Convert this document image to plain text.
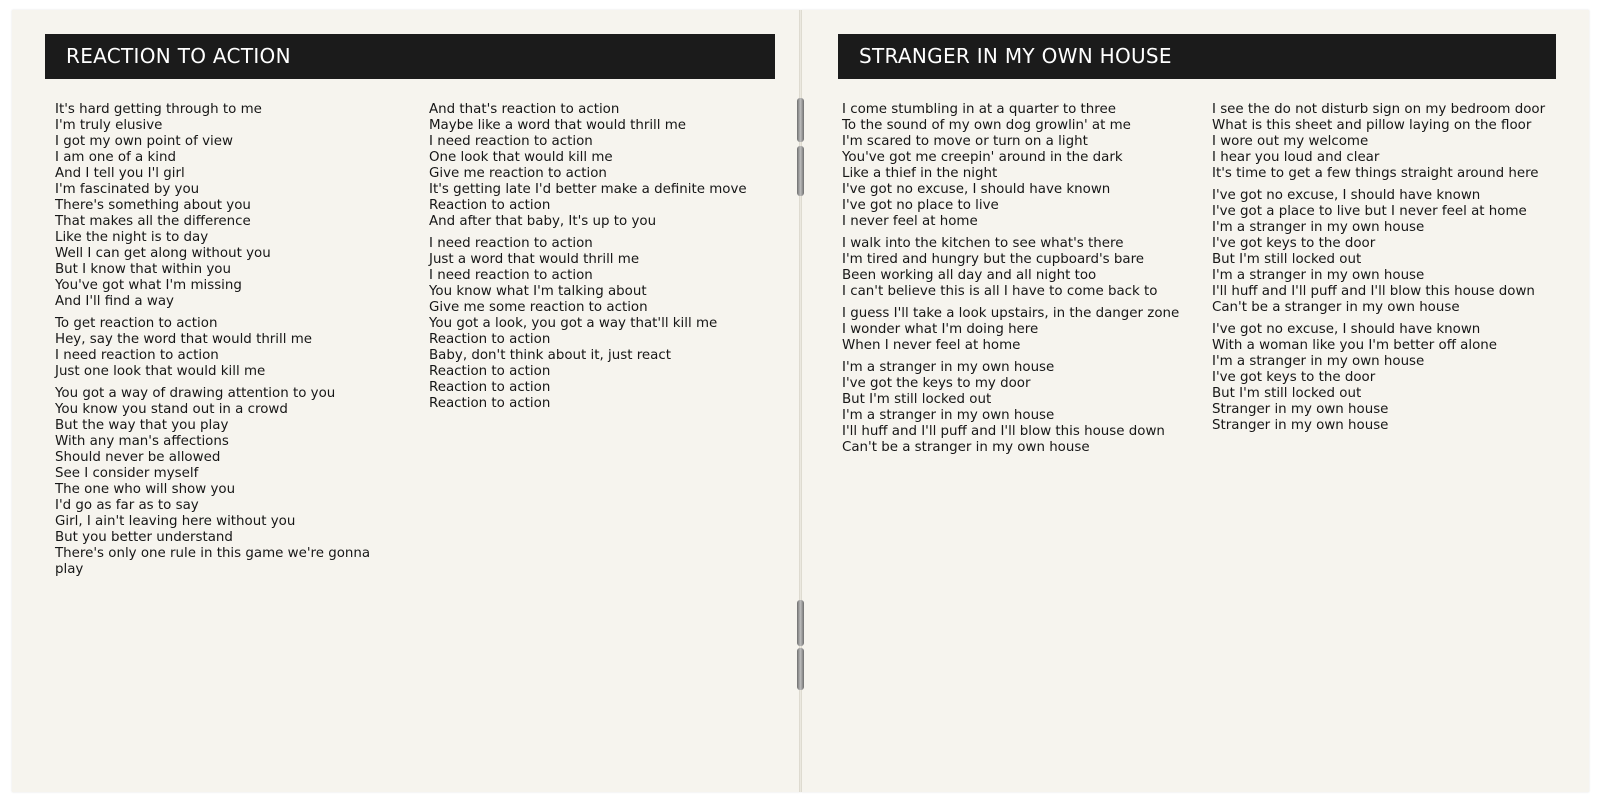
REACTION TO ACTION
It's hard getting through to me
I'm truly elusive
I got my own point of view
I am one of a kind
And I tell you I'l girl
I'm fascinated by you
There's something about you
That makes all the difference
Like the night is to day
Well I can get along without you
But I know that within you
You've got what I'm missing
And I'll find a way
To get reaction to action
Hey, say the word that would thrill me
I need reaction to action
Just one look that would kill me
You got a way of drawing attention to you
You know you stand out in a crowd
But the way that you play
With any man's affections
Should never be allowed
See I consider myself
The one who will show you
I'd go as far as to say
Girl, I ain't leaving here without you
But you better understand
There's only one rule in this game we're gonna play
And that's reaction to action
Maybe like a word that would thrill me
I need reaction to action
One look that would kill me
Give me reaction to action
It's getting late I'd better make a definite move
Reaction to action
And after that baby, It's up to you
I need reaction to action
Just a word that would thrill me
I need reaction to action
You know what I'm talking about
Give me some reaction to action
You got a look, you got a way that'll kill me
Reaction to action
Baby, don't think about it, just react
Reaction to action
Reaction to action
Reaction to action
STRANGER IN MY OWN HOUSE
I come stumbling in at a quarter to three
To the sound of my own dog growlin' at me
I'm scared to move or turn on a light
You've got me creepin' around in the dark
Like a thief in the night
I've got no excuse, I should have known
I've got no place to live
I never feel at home
I walk into the kitchen to see what's there
I'm tired and hungry but the cupboard's bare
Been working all day and all night too
I can't believe this is all I have to come back to
I guess I'll take a look upstairs, in the danger zone
I wonder what I'm doing here
When I never feel at home
I'm a stranger in my own house
I've got the keys to my door
But I'm still locked out
I'm a stranger in my own house
I'll huff and I'll puff and I'll blow this house down
Can't be a stranger in my own house
I see the do not disturb sign on my bedroom door
What is this sheet and pillow laying on the floor
I wore out my welcome
I hear you loud and clear
It's time to get a few things straight around here
I've got no excuse, I should have known
I've got a place to live but I never feel at home
I'm a stranger in my own house
I've got keys to the door
But I'm still locked out
I'm a stranger in my own house
I'll huff and I'll puff and I'll blow this house down
Can't be a stranger in my own house
I've got no excuse, I should have known
With a woman like you I'm better off alone
I'm a stranger in my own house
I've got keys to the door
But I'm still locked out
Stranger in my own house
Stranger in my own house
